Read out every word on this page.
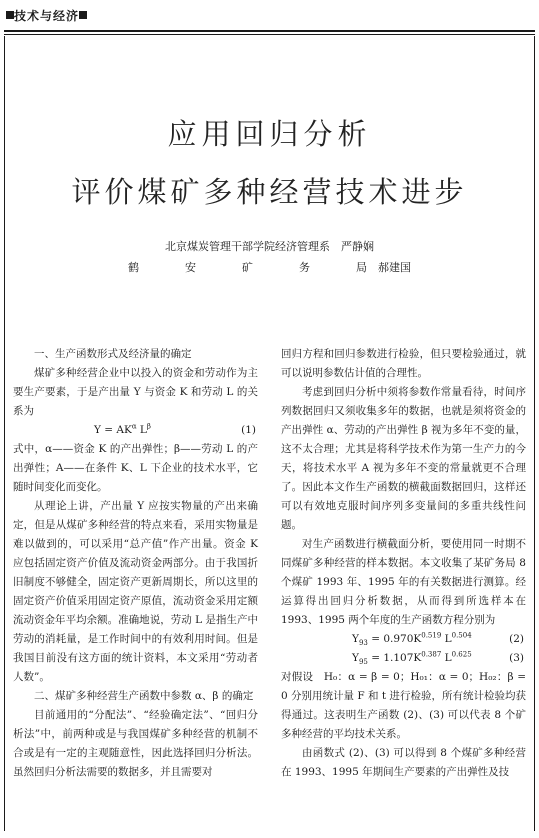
技术与经济
应用回归分析
评价煤矿多种经营技术进步
北京煤炭管理干部学院经济管理系　严静娴
鹤	安	矿	务	局　郝建国

一、生产函数形式及经济量的确定

煤矿多种经营企业中以投入的资金和劳动作为主要生产要素，于是产出量 Y 与资金 K 和劳动 L 的关系为

$Y = AK^\alpha$ $L^\beta$	(1)

式中，α——资金 K 的产出弹性；β——劳动 L 的产出弹性；A——在条件 K、L 下企业的技术水平，它随时间变化而变化。

从理论上讲，产出量 Y 应按实物量的产出来确定，但是从煤矿多种经营的特点来看，采用实物量是难以做到的，可以采用“总产值”作产出量。资金 K 应包括固定资产价值及流动资金两部分。由于我国折旧制度不够健全，固定资产更新周期长，所以这里的固定资产价值采用固定资产原值，流动资金采用定额流动资金年平均余额。准确地说，劳动 L 是指生产中劳动的消耗量，是工作时间中的有效利用时间。但是我国目前没有这方面的统计资料，本文采用“劳动者人数”。

二、煤矿多种经营生产函数中参数 α、β 的确定

目前通用的“分配法”、“经验确定法”、“回归分析法”中，前两种或是与我国煤矿多种经营的机制不合或是有一定的主观随意性，因此选择回归分析法。虽然回归分析法需要的数据多，并且需要对

回归方程和回归参数进行检验，但只要检验通过，就可以说明参数估计值的合理性。

考虑到回归分析中须将参数作常量看待，时间序列数据回归又须收集多年的数据，也就是须将资金的产出弹性 α、劳动的产出弹性 β 视为多年不变的量，这不太合理；尤其是将科学技术作为第一生产力的今天，将技术水平 A 视为多年不变的常量就更不合理了。因此本文作生产函数的横截面数据回归，这样还可以有效地克服时间序列多变量间的多重共线性问题。

对生产函数进行横截面分析，要使用同一时期不同煤矿多种经营的样本数据。本文收集了某矿务局 8 个煤矿 1993 年、1995 年的有关数据进行测算。经运算得出回归分析数据，从而得到所选样本在 1993、1995 两个年度的生产函数方程分别为

$Y_{93} = 0.970K^{0.519}$ $L^{0.504}$	(2)

$Y_{95} = 1.107K^{0.387}$ $L^{0.625}$	(3)

对假设　H₀：α = β = 0；H₀₁：α = 0；H₀₂：β = 0 分别用统计量 F 和 t 进行检验，所有统计检验均获得通过。这表明生产函数 (2)、(3) 可以代表 8 个矿多种经营的平均技术关系。

由函数式 (2)、(3) 可以得到 8 个煤矿多种经营在 1993、1995 年期间生产要素的产出弹性及技
